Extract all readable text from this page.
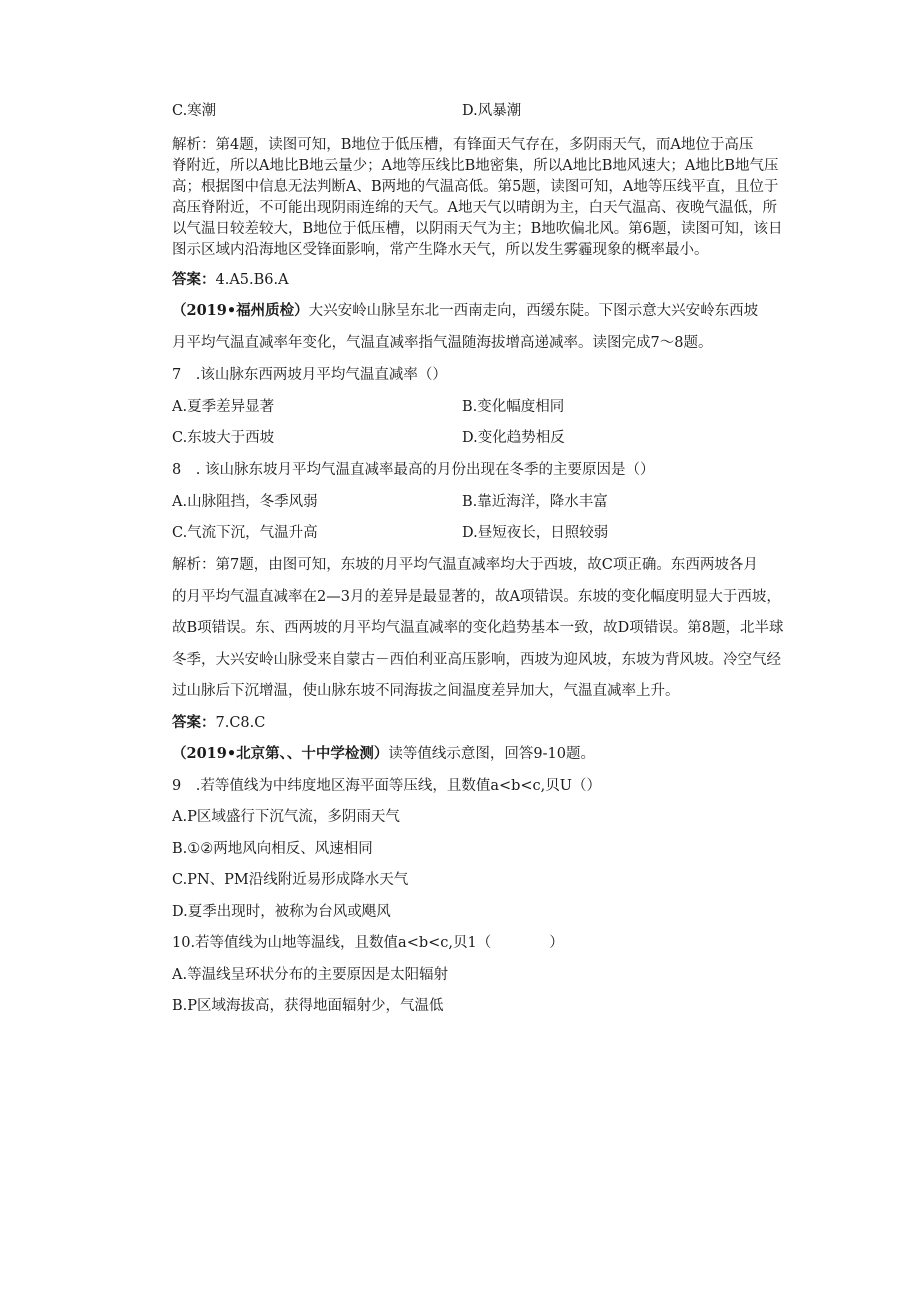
C.寒潮	D.风暴潮
解析：第4题，读图可知，B地位于低压槽，有锋面天气存在，多阴雨天气，而A地位于高压
脊附近，所以A地比B地云量少；A地等压线比B地密集，所以A地比B地风速大；A地比B地气压
高；根据图中信息无法判断A、B两地的气温高低。第5题，读图可知，A地等压线平直，且位于
高压脊附近，不可能出现阴雨连绵的天气。A地天气以晴朗为主，白天气温高、夜晚气温低，所
以气温日较差较大，B地位于低压槽，以阴雨天气为主；B地吹偏北风。第6题，读图可知，该日
图示区域内沿海地区受锋面影响，常产生降水天气，所以发生雾霾现象的概率最小。
答案：4.A5.B6.A
（2019•福州质检）大兴安岭山脉呈东北一西南走向，西缓东陡。下图示意大兴安岭东西坡
月平均气温直减率年变化，气温直减率指气温随海拔增高递减率。读图完成7〜8题。
7　.该山脉东西两坡月平均气温直减率（）
A.夏季差异显著	B.变化幅度相同
C.东坡大于西坡	D.变化趋势相反
8　. 该山脉东坡月平均气温直减率最高的月份出现在冬季的主要原因是（）
A.山脉阻挡，冬季风弱	B.靠近海洋，降水丰富
C.气流下沉，气温升高	D.昼短夜长，日照较弱
解析：第7题，由图可知，东坡的月平均气温直减率均大于西坡，故C项正确。东西两坡各月
的月平均气温直减率在2—3月的差异是最显著的，故A项错误。东坡的变化幅度明显大于西坡，
故B项错误。东、西两坡的月平均气温直减率的变化趋势基本一致，故D项错误。第8题，北半球
冬季，大兴安岭山脉受来自蒙古－西伯利亚高压影响，西坡为迎风坡，东坡为背风坡。冷空气经
过山脉后下沉增温，使山脉东坡不同海拔之间温度差异加大，气温直减率上升。
答案：7.C8.C
（2019•北京第、、十中学检测）读等值线示意图，回答9-10题。
9　.若等值线为中纬度地区海平面等压线，且数值a<b<c,贝U（）
A.P区域盛行下沉气流，多阴雨天气
B.①②两地风向相反、风速相同
C.PN、PM沿线附近易形成降水天气
D.夏季出现时，被称为台风或飓风
10.若等值线为山地等温线，且数值a<b<c,贝1（　　　　）
A.等温线呈环状分布的主要原因是太阳辐射
B.P区域海拔高，获得地面辐射少，气温低
